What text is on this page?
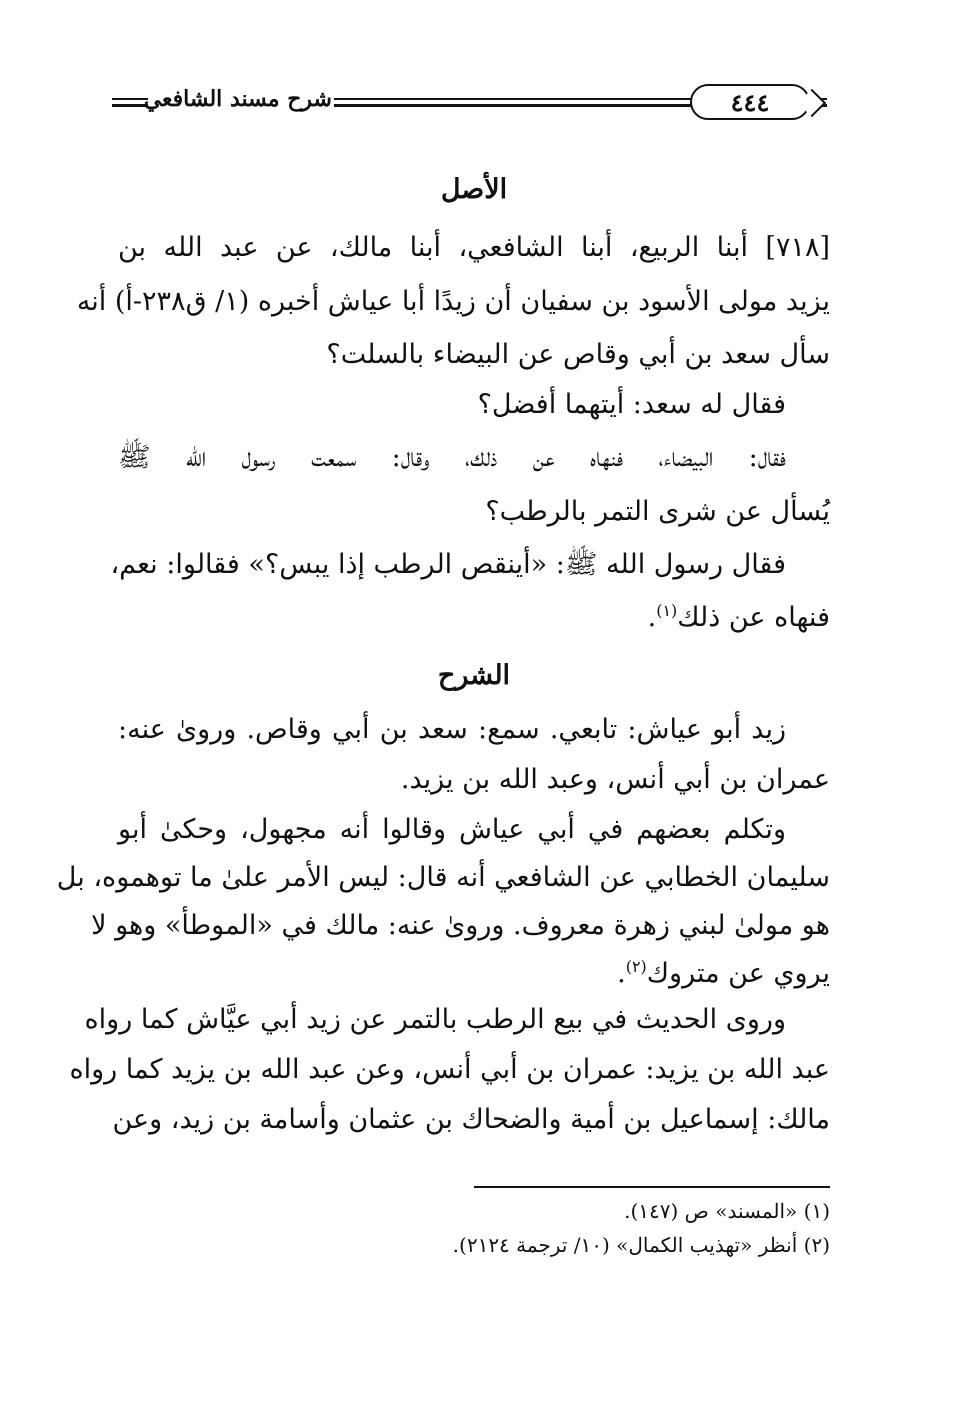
شرح مسند الشافعي	٤٤٤
الأصل
[٧١٨] أبنا الربيع، أبنا الشافعي، أبنا مالك، عن عبد الله بن
يزيد مولى الأسود بن سفيان أن زيدًا أبا عياش أخبره (١/ ق٢٣٨-أ) أنه
سأل سعد بن أبي وقاص عن البيضاء بالسلت؟
فقال له سعد: أيتهما أفضل؟
فقال: البيضاء، فنهاه عن ذلك، وقال: سمعت رسول الله ﷺ
يُسأل عن شرى التمر بالرطب؟
فقال رسول الله ﷺ: «أينقص الرطب إذا يبس؟» فقالوا: نعم،
فنهاه عن ذلك$^{(١)}$.
الشرح
زيد أبو عياش: تابعي. سمع: سعد بن أبي وقاص. وروىٰ عنه:
عمران بن أبي أنس، وعبد الله بن يزيد.
وتكلم بعضهم في أبي عياش وقالوا أنه مجهول، وحكىٰ أبو
سليمان الخطابي عن الشافعي أنه قال: ليس الأمر علىٰ ما توهموه، بل
هو مولىٰ لبني زهرة معروف. وروىٰ عنه: مالك في «الموطأ» وهو لا
يروي عن متروك$^{(٢)}$.
وروى الحديث في بيع الرطب بالتمر عن زيد أبي عيَّاش كما رواه
عبد الله بن يزيد: عمران بن أبي أنس، وعن عبد الله بن يزيد كما رواه
مالك: إسماعيل بن أمية والضحاك بن عثمان وأسامة بن زيد، وعن
(١) «المسند» ص (١٤٧).
(٢) أنظر «تهذيب الكمال» (١٠/ ترجمة ٢١٢٤).
